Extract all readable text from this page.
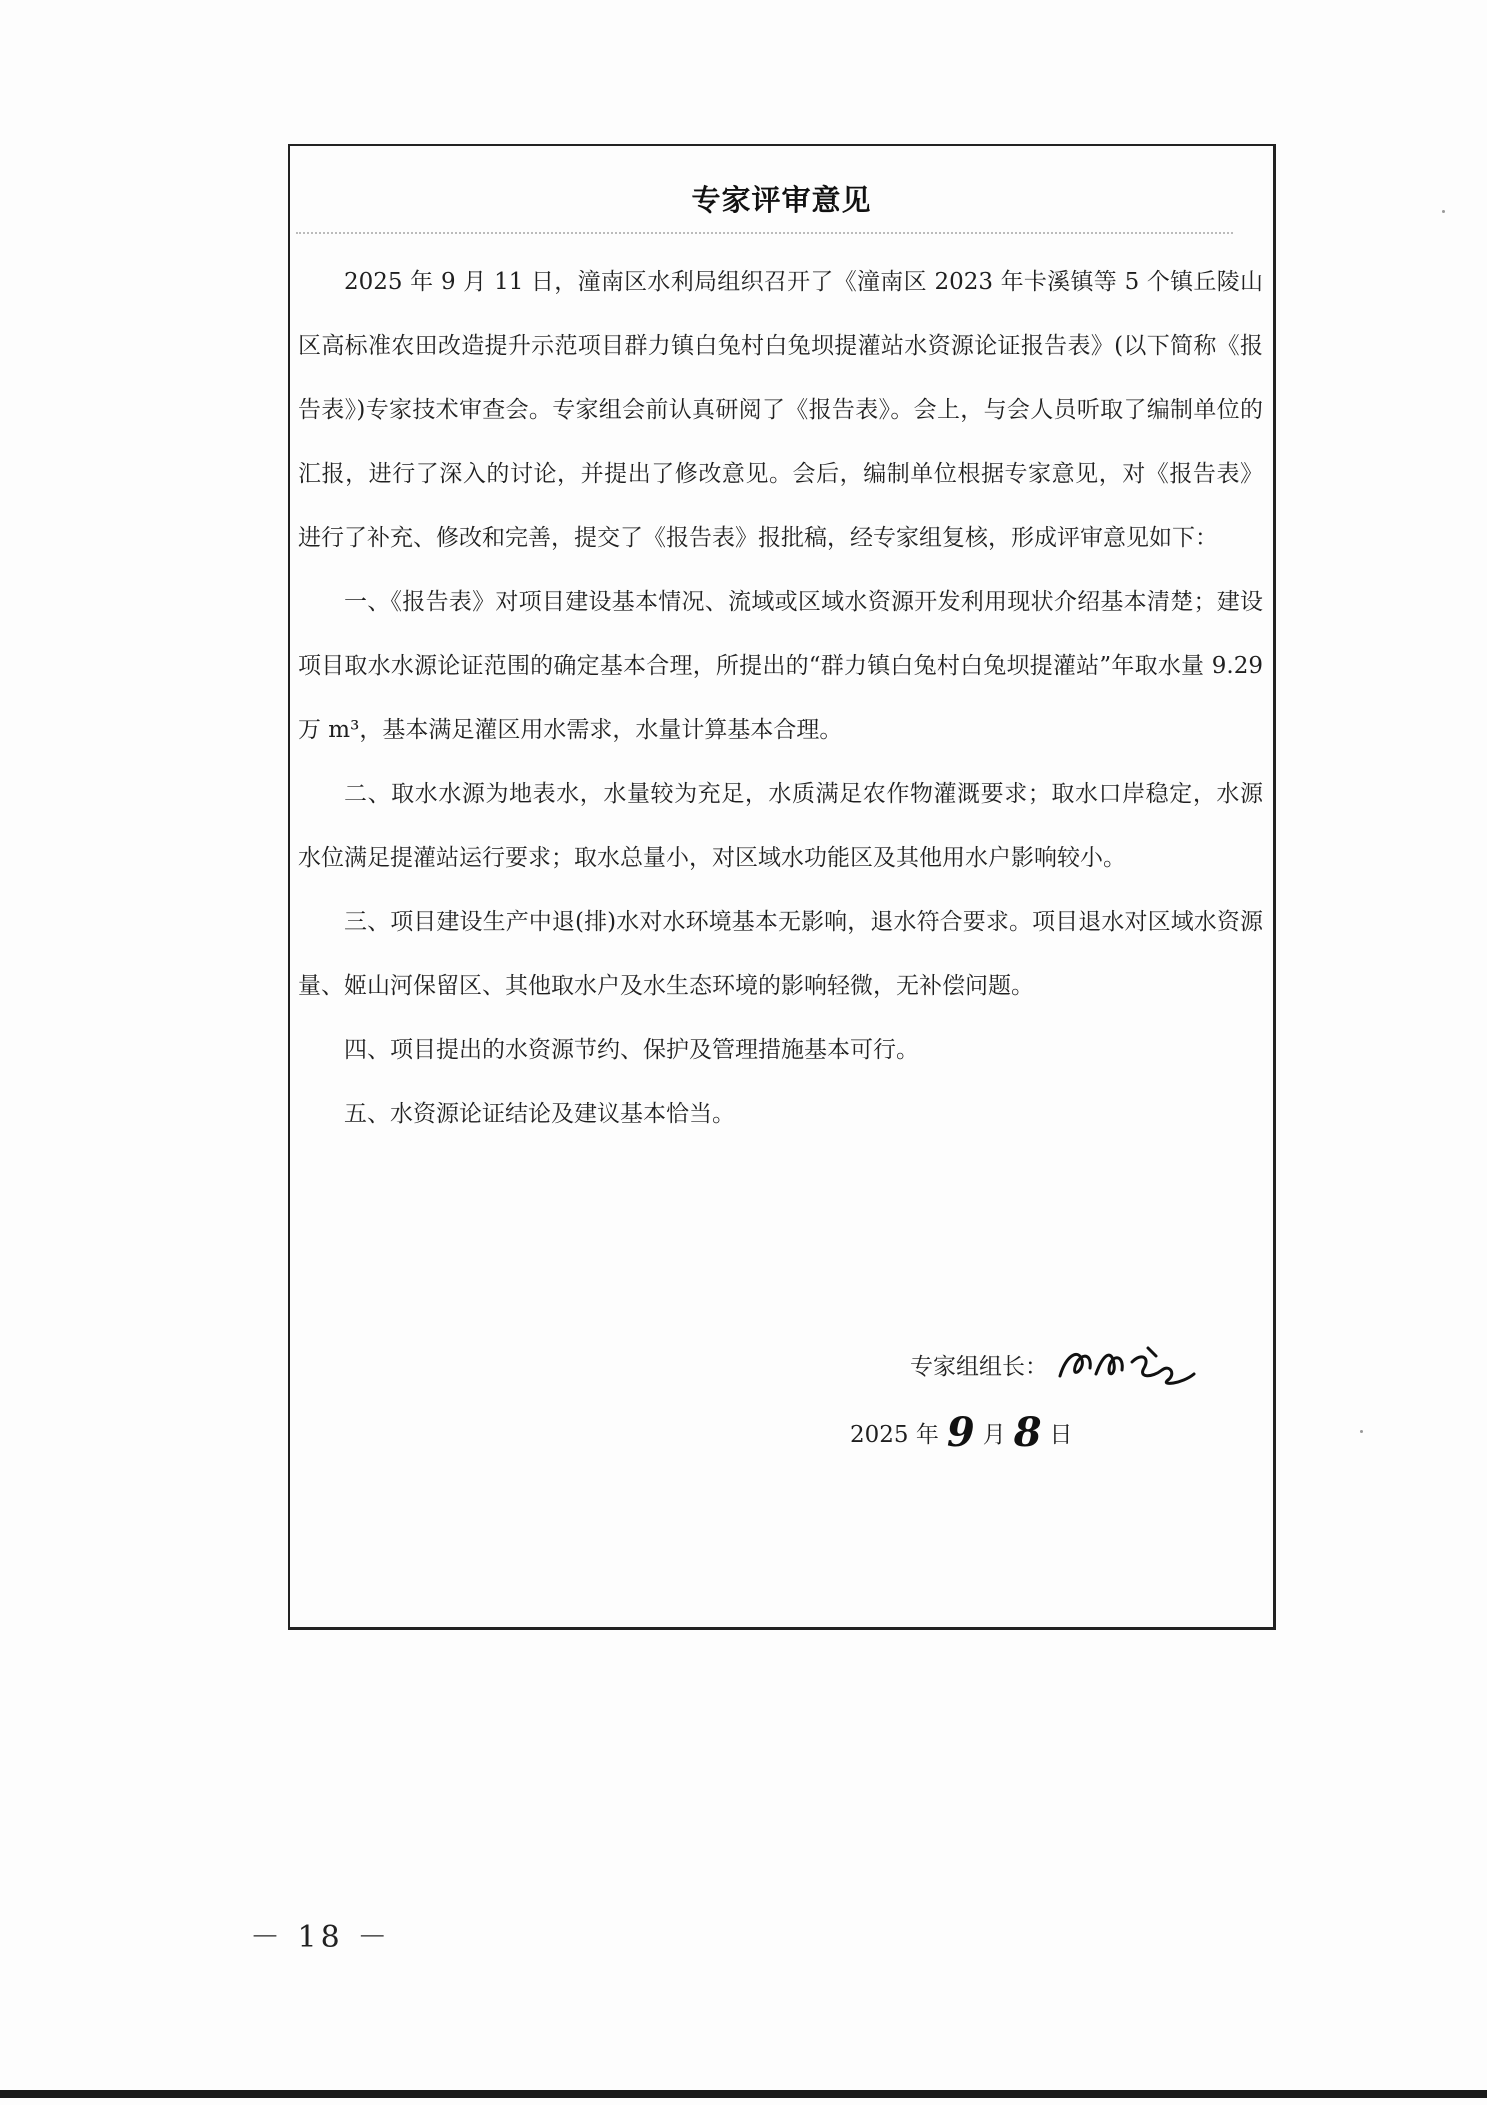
专家评审意见

2025 年 9 月 11 日，潼南区水利局组织召开了《潼南区 2023 年卡溪镇等 5 个镇丘陵山区高标准农田改造提升示范项目群力镇白兔村白兔坝提灌站水资源论证报告表》(以下简称《报告表》)专家技术审查会。专家组会前认真研阅了《报告表》。会上，与会人员听取了编制单位的汇报，进行了深入的讨论，并提出了修改意见。会后，编制单位根据专家意见，对《报告表》进行了补充、修改和完善，提交了《报告表》报批稿，经专家组复核，形成评审意见如下：

一、《报告表》对项目建设基本情况、流域或区域水资源开发利用现状介绍基本清楚；建设项目取水水源论证范围的确定基本合理，所提出的“群力镇白兔村白兔坝提灌站”年取水量 9.29 万 m³，基本满足灌区用水需求，水量计算基本合理。

二、取水水源为地表水，水量较为充足，水质满足农作物灌溉要求；取水口岸稳定，水源水位满足提灌站运行要求；取水总量小，对区域水功能区及其他用水户影响较小。

三、项目建设生产中退(排)水对水环境基本无影响，退水符合要求。项目退水对区域水资源量、姬山河保留区、其他取水户及水生态环境的影响轻微，无补偿问题。

四、项目提出的水资源节约、保护及管理措施基本可行。

五、水资源论证结论及建议基本恰当。

专家组组长：
2025 年 9 月 8 日
－ 18 －
